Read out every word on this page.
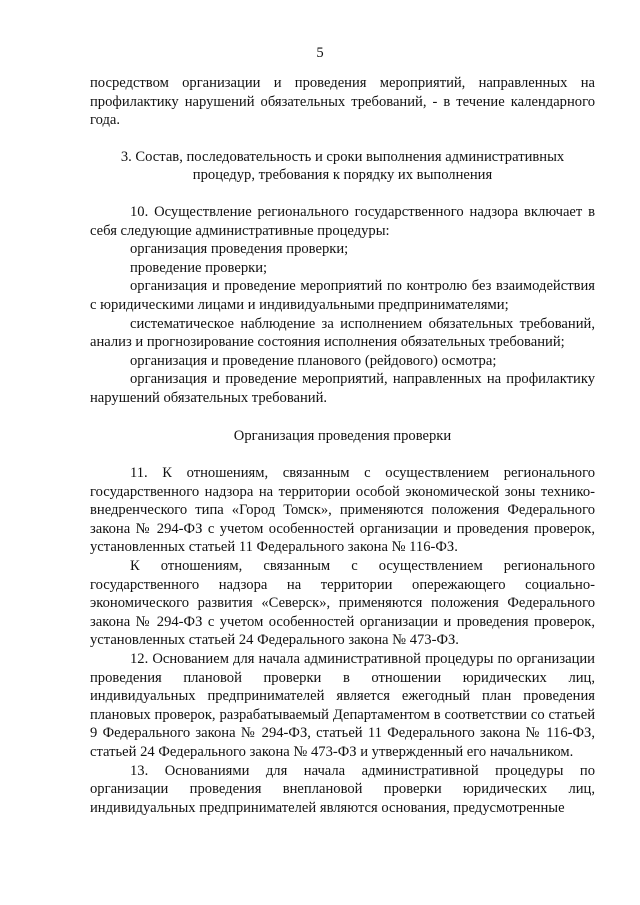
5

посредством организации и проведения мероприятий, направленных на профилактику нарушений обязательных требований, - в течение календарного года.

3. Состав, последовательность и сроки выполнения административных процедур, требования к порядку их выполнения

10. Осуществление регионального государственного надзора включает в себя следующие административные процедуры:

организация проведения проверки;

проведение проверки;

организация и проведение мероприятий по контролю без взаимодействия с юридическими лицами и индивидуальными предпринимателями;

систематическое наблюдение за исполнением обязательных требований, анализ и прогнозирование состояния исполнения обязательных требований;

организация и проведение планового (рейдового) осмотра;

организация и проведение мероприятий, направленных на профилактику нарушений обязательных требований.

Организация проведения проверки

11. К отношениям, связанным с осуществлением регионального государственного надзора на территории особой экономической зоны технико-внедренческого типа «Город Томск», применяются положения Федерального закона № 294-ФЗ с учетом особенностей организации и проведения проверок, установленных статьей 11 Федерального закона № 116-ФЗ.

К отношениям, связанным с осуществлением регионального государственного надзора на территории опережающего социально-экономического развития «Северск», применяются положения Федерального закона № 294-ФЗ с учетом особенностей организации и проведения проверок, установленных статьей 24 Федерального закона № 473-ФЗ.

12. Основанием для начала административной процедуры по организации проведения плановой проверки в отношении юридических лиц, индивидуальных предпринимателей является ежегодный план проведения плановых проверок, разрабатываемый Департаментом в соответствии со статьей 9 Федерального закона № 294-ФЗ, статьей 11 Федерального закона № 116-ФЗ, статьей 24 Федерального закона № 473-ФЗ и утвержденный его начальником.

13. Основаниями для начала административной процедуры по организации проведения внеплановой проверки юридических лиц, индивидуальных предпринимателей являются основания, предусмотренные
